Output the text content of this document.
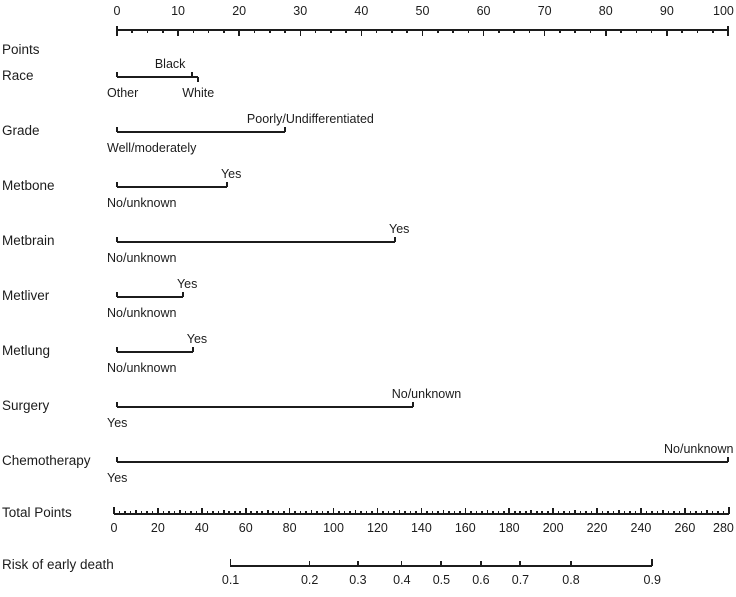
0	10	20	30	40	50	60	70	80	90	100
Points
Other
Black
White
Race
Well/moderately
Poorly/Undifferentiated
Grade
No/unknown
Yes
Metbone
No/unknown
Yes
Metbrain
No/unknown
Yes
Metliver
No/unknown
Yes
Metlung
Yes
No/unknown
Surgery
Yes
No/unknown
Chemotherapy
0	20 40 60 80 100 120 140 160 180 200 220 240 260 280
Total Points
0.1	0.2 0.3 0.4 0.5 0.6 0.7	0.8	0.9
Risk of early death
